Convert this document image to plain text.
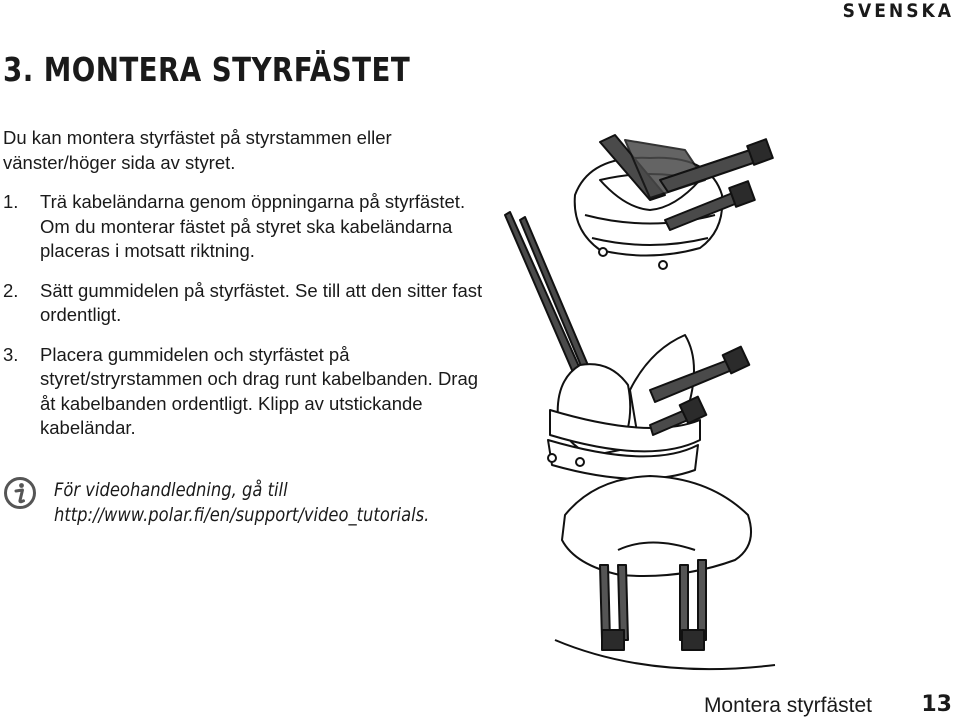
SVENSKA
3. MONTERA STYRFÄSTET

Du kan montera styrfästet på styrstammen eller vänster/höger sida av styret.

1.	Trä kabeländarna genom öppningarna på styrfästet. Om du monterar fästet på styret ska kabeländarna placeras i motsatt riktning.

2.	Sätt gummidelen på styrfästet. Se till att den sitter fast ordentligt.

3.	Placera gummidelen och styrfästet på styret/stryrstammen och drag runt kabelbanden. Drag åt kabelbanden ordentligt. Klipp av utstickande kabeländar.

För videohandledning, gå till
http://www.polar.fi/en/support/video_tutorials.
Montera styrfästet 13
